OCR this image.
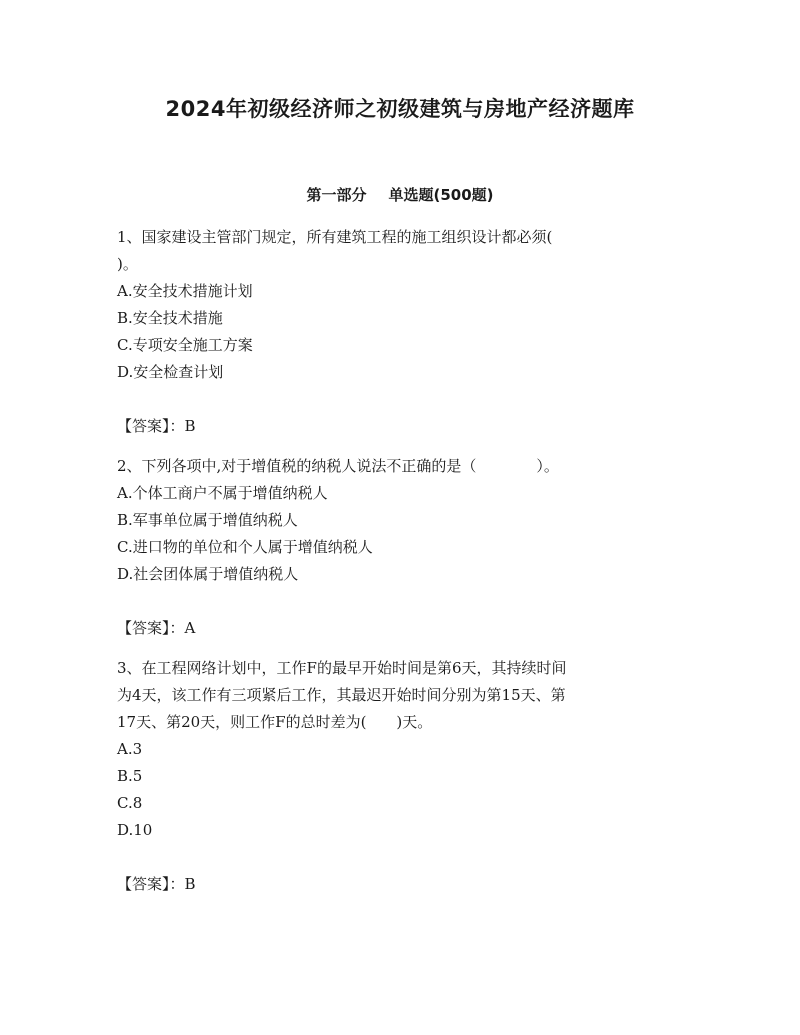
2024年初级经济师之初级建筑与房地产经济题库
第一部分 单选题(500题)
1、国家建设主管部门规定，所有建筑工程的施工组织设计都必须(
)。
A.安全技术措施计划
B.安全技术措施
C.专项安全施工方案
D.安全检查计划
【答案】：B
2、下列各项中,对于增值税的纳税人说法不正确的是（　　　　）。
A.个体工商户不属于增值纳税人
B.军事单位属于增值纳税人
C.进口物的单位和个人属于增值纳税人
D.社会团体属于增值纳税人
【答案】：A
3、在工程网络计划中，工作F的最早开始时间是第6天，其持续时间
为4天，该工作有三项紧后工作，其最迟开始时间分别为第15天、第
17天、第20天，则工作F的总时差为(　　)天。
A.3
B.5
C.8
D.10
【答案】：B
